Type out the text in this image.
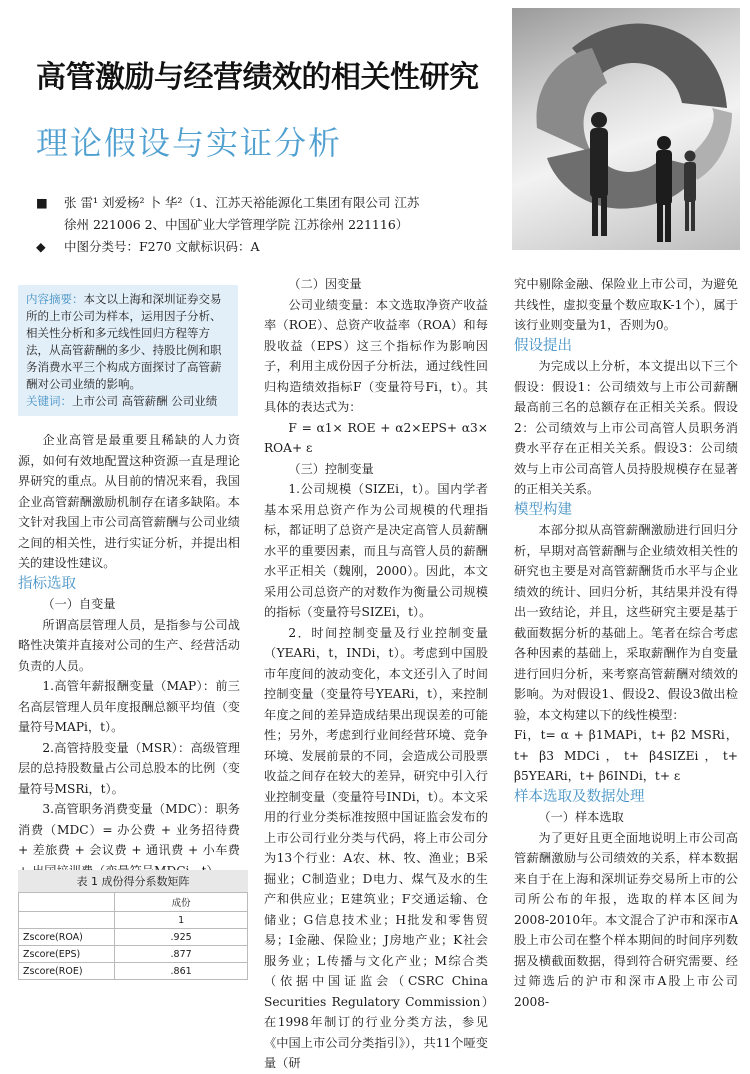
高管激励与经营绩效的相关性研究
理论假设与实证分析
■ 张 雷¹ 刘爱杨² 卜 华²（1、江苏天裕能源化工集团有限公司 江苏
徐州 221006 2、中国矿业大学管理学院 江苏徐州 221116）
◆ 中图分类号：F270 文献标识码：A
内容摘要：本文以上海和深圳证券交易所的上市公司为样本，运用因子分析、相关性分析和多元线性回归方程等方法，从高管薪酬的多少、持股比例和职务消费水平三个构成方面探讨了高管薪酬对公司业绩的影响。
关键词：上市公司 高管薪酬 公司业绩

企业高管是最重要且稀缺的人力资源，如何有效地配置这种资源一直是理论界研究的重点。从目前的情况来看，我国企业高管薪酬激励机制存在诸多缺陷。本文针对我国上市公司高管薪酬与公司业绩之间的相关性，进行实证分析，并提出相关的建设性建议。

指标选取

（一）自变量

所谓高层管理人员，是指参与公司战略性决策并直接对公司的生产、经营活动负责的人员。

1.高管年薪报酬变量（MAP）：前三名高层管理人员年度报酬总额平均值（变量符号MAPi，t）。

2.高管持股变量（MSR）：高级管理层的总持股数量占公司总股本的比例（变量符号MSRi，t）。

3.高管职务消费变量（MDC）：职务消费（MDC）= 办公费 + 业务招待费 + 差旅费 + 会议费 + 通讯费 + 小车费

表 1 成份得分系数矩阵
	成份
	1
Zscore(ROA)	.925
Zscore(EPS)	.877
Zscore(ROE)	.861

（二）因变量

公司业绩变量：本文选取净资产收益率（ROE）、总资产收益率（ROA）和每股收益（EPS）这三个指标作为影响因子，利用主成份因子分析法，通过线性回归构造绩效指标F（变量符号Fi，t）。其具体的表达式为：

F = α1× ROE + α2×EPS+ α3× ROA+ ε

（三）控制变量

1.公司规模（SIZEi，t）。国内学者基本采用总资产作为公司规模的代理指标，都证明了总资产是决定高管人员薪酬水平的重要因素，而且与高管人员的薪酬水平正相关（魏刚，2000）。因此，本文采用公司总资产的对数作为衡量公司规模的指标（变量符号SIZEi，t）。

2．时间控制变量及行业控制变量（YEARi，t，INDi，t）。考虑到中国股市年度间的波动变化，本文还引入了时间控制变量（变量符号YEARi，t），来控制年度之间的差异造成结果出现误差的可能性；另外，考虑到行业间经营环境、竞争环境、发展前景的不同，会造成公司股票收益之间存在较大的差异，研究中引入行业控制变量（变量符号INDi，t）。本文采用的行业分类标准按照中国证监会发布的上市公司行业分类与代码，将上市公司分为13个行业：A农、林、牧、渔业；B采掘业；C制造业；D电力、煤气及水的生产和供应业；E建筑业；F交通运输、仓储业；G信息技术业；H批发和零售贸易；I金融、保险业；J房地产业；K社会服务业；L传播与文化产业；M综合类（依据中国证监会（CSRC China Securities Regulatory Commission）在1998年制订的行业分类方法，参见《中国上市公司分类指引》），共11个哑变量（研

究中剔除金融、保险业上市公司，为避免共线性，虚拟变量个数应取K-1个），属于该行业则变量为1，否则为0。

假设提出

为完成以上分析，本文提出以下三个假设：假设1：公司绩效与上市公司薪酬最高前三名的总额存在正相关关系。假设2：公司绩效与上市公司高管人员职务消费水平存在正相关关系。假设3：公司绩效与上市公司高管人员持股规模存在显著的正相关关系。

模型构建

本部分拟从高管薪酬激励进行回归分析，早期对高管薪酬与企业绩效相关性的研究也主要是对高管薪酬货币水平与企业绩效的统计、回归分析，其结果并没有得出一致结论，并且，这些研究主要是基于截面数据分析的基础上。笔者在综合考虑各种因素的基础上，采取薪酬作为自变量进行回归分析，来考察高管薪酬对绩效的影响。为对假设1、假设2、假设3做出检验，本文构建以下的线性模型：

Fi，t= α + β1MAPi，t+ β2 MSRi，t+ β3 MDCi，t+ β4SIZEi，t+ β5YEARi，t+ β6INDi，t+ ε

样本选取及数据处理

（一）样本选取

为了更好且更全面地说明上市公司高管薪酬激励与公司绩效的关系，样本数据来自于在上海和深圳证券交易所上市的公司所公布的年报，选取的样本区间为2008-2010年。本文混合了沪市和深市A股上市公司在整个样本期间的时间序列数据及横截面数据，得到符合研究需要、经过筛选后的沪市和深市A股上市公司2008-
